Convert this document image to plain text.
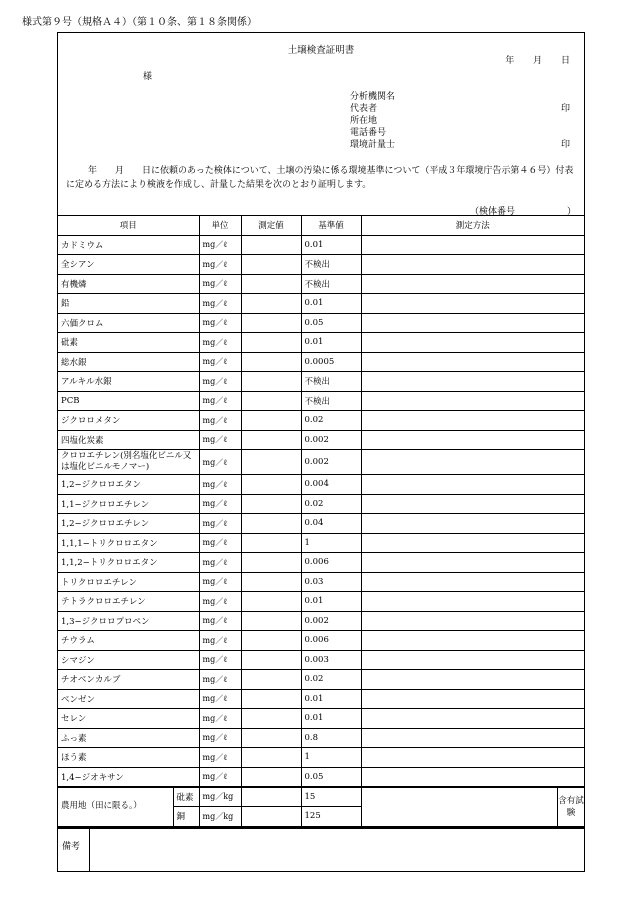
様式第９号（規格Ａ４）（第１０条、第１８条関係）
土壌検査証明書
年 月 日
様
分析機関名
代表者	印
所在地
電話番号
環境計量士	印
年　　月　　日に依頼のあった検体について、土壌の汚染に係る環境基準について（平成３年環境庁告示第４６号）付表に定める方法により検液を作成し、計量した結果を次のとおり証明します。
（検体番号	）
項目		単位	測定値	基準値	測定方法
カドミウム		mg／ℓ		0.01	
全シアン		mg／ℓ		不検出	
有機燐		mg／ℓ		不検出	
鉛		mg／ℓ		0.01	
六価クロム		mg／ℓ		0.05	
砒素		mg／ℓ		0.01	
総水銀		mg／ℓ		0.0005	
アルキル水銀		mg／ℓ		不検出	
PCB		mg／ℓ		不検出	
ジクロロメタン		mg／ℓ		0.02	
四塩化炭素		mg／ℓ		0.002	
クロロエチレン(別名塩化ビニル又は塩化ビニルモノマー)		mg／ℓ		0.002	
1,2−ジクロロエタン		mg／ℓ		0.004	
1,1−ジクロロエチレン		mg／ℓ		0.02	
1,2−ジクロロエチレン		mg／ℓ		0.04	
1,1,1−トリクロロエタン		mg／ℓ		1	
1,1,2−トリクロロエタン		mg／ℓ		0.006	
トリクロロエチレン		mg／ℓ		0.03	
テトラクロロエチレン		mg／ℓ		0.01	
1,3−ジクロロプロペン		mg／ℓ		0.002	
チウラム		mg／ℓ		0.006	
シマジン		mg／ℓ		0.003	
チオベンカルブ		mg／ℓ		0.02	
ベンゼン		mg／ℓ		0.01	
セレン		mg／ℓ		0.01	
ふっ素		mg／ℓ		0.8	
ほう素		mg／ℓ		1	
1,4−ジオキサン		mg／ℓ		0.05	
農用地（田に限る。）	砒素	mg／kg		15	含有試験

	銅	mg／kg		125	
備考
